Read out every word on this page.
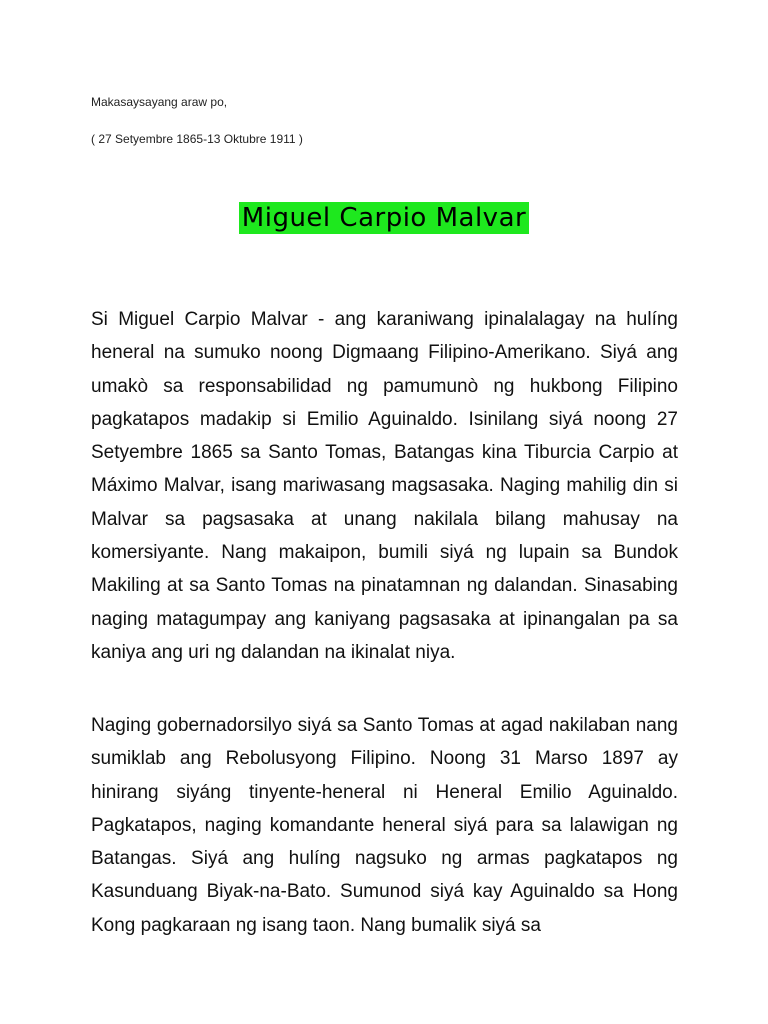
Makasaysayang araw po,
( 27 Setyembre 1865-13 Oktubre 1911 )
Miguel Carpio Malvar

Si Miguel Carpio Malvar - ang karaniwang ipinalalagay na hulíng heneral na sumuko noong Digmaang Filipino-Amerikano. Siyá ang umakò sa responsabilidad ng pamumunò ng hukbong Filipino pagkatapos madakip si Emilio Aguinaldo. Isinilang siyá noong 27 Setyembre 1865 sa Santo Tomas, Batangas kina Tiburcia Carpio at Máximo Malvar, isang mariwasang magsasaka. Naging mahilig din si Malvar sa pagsasaka at unang nakilala bilang mahusay na komersiyante. Nang makaipon, bumili siyá ng lupain sa Bundok Makiling at sa Santo Tomas na pinatamnan ng dalandan. Sinasabing naging matagumpay ang kaniyang pagsasaka at ipinangalan pa sa kaniya ang uri ng dalandan na ikinalat niya.

Naging gobernadorsilyo siyá sa Santo Tomas at agad nakilaban nang sumiklab ang Rebolusyong Filipino. Noong 31 Marso 1897 ay hinirang siyáng tinyente-heneral ni Heneral Emilio Aguinaldo. Pagkatapos, naging komandante heneral siyá para sa lalawigan ng Batangas. Siyá ang hulíng nagsuko ng armas pagkatapos ng Kasunduang Biyak-na-Bato. Sumunod siyá kay Aguinaldo sa Hong Kong pagkaraan ng isang taon. Nang bumalik siyá sa
